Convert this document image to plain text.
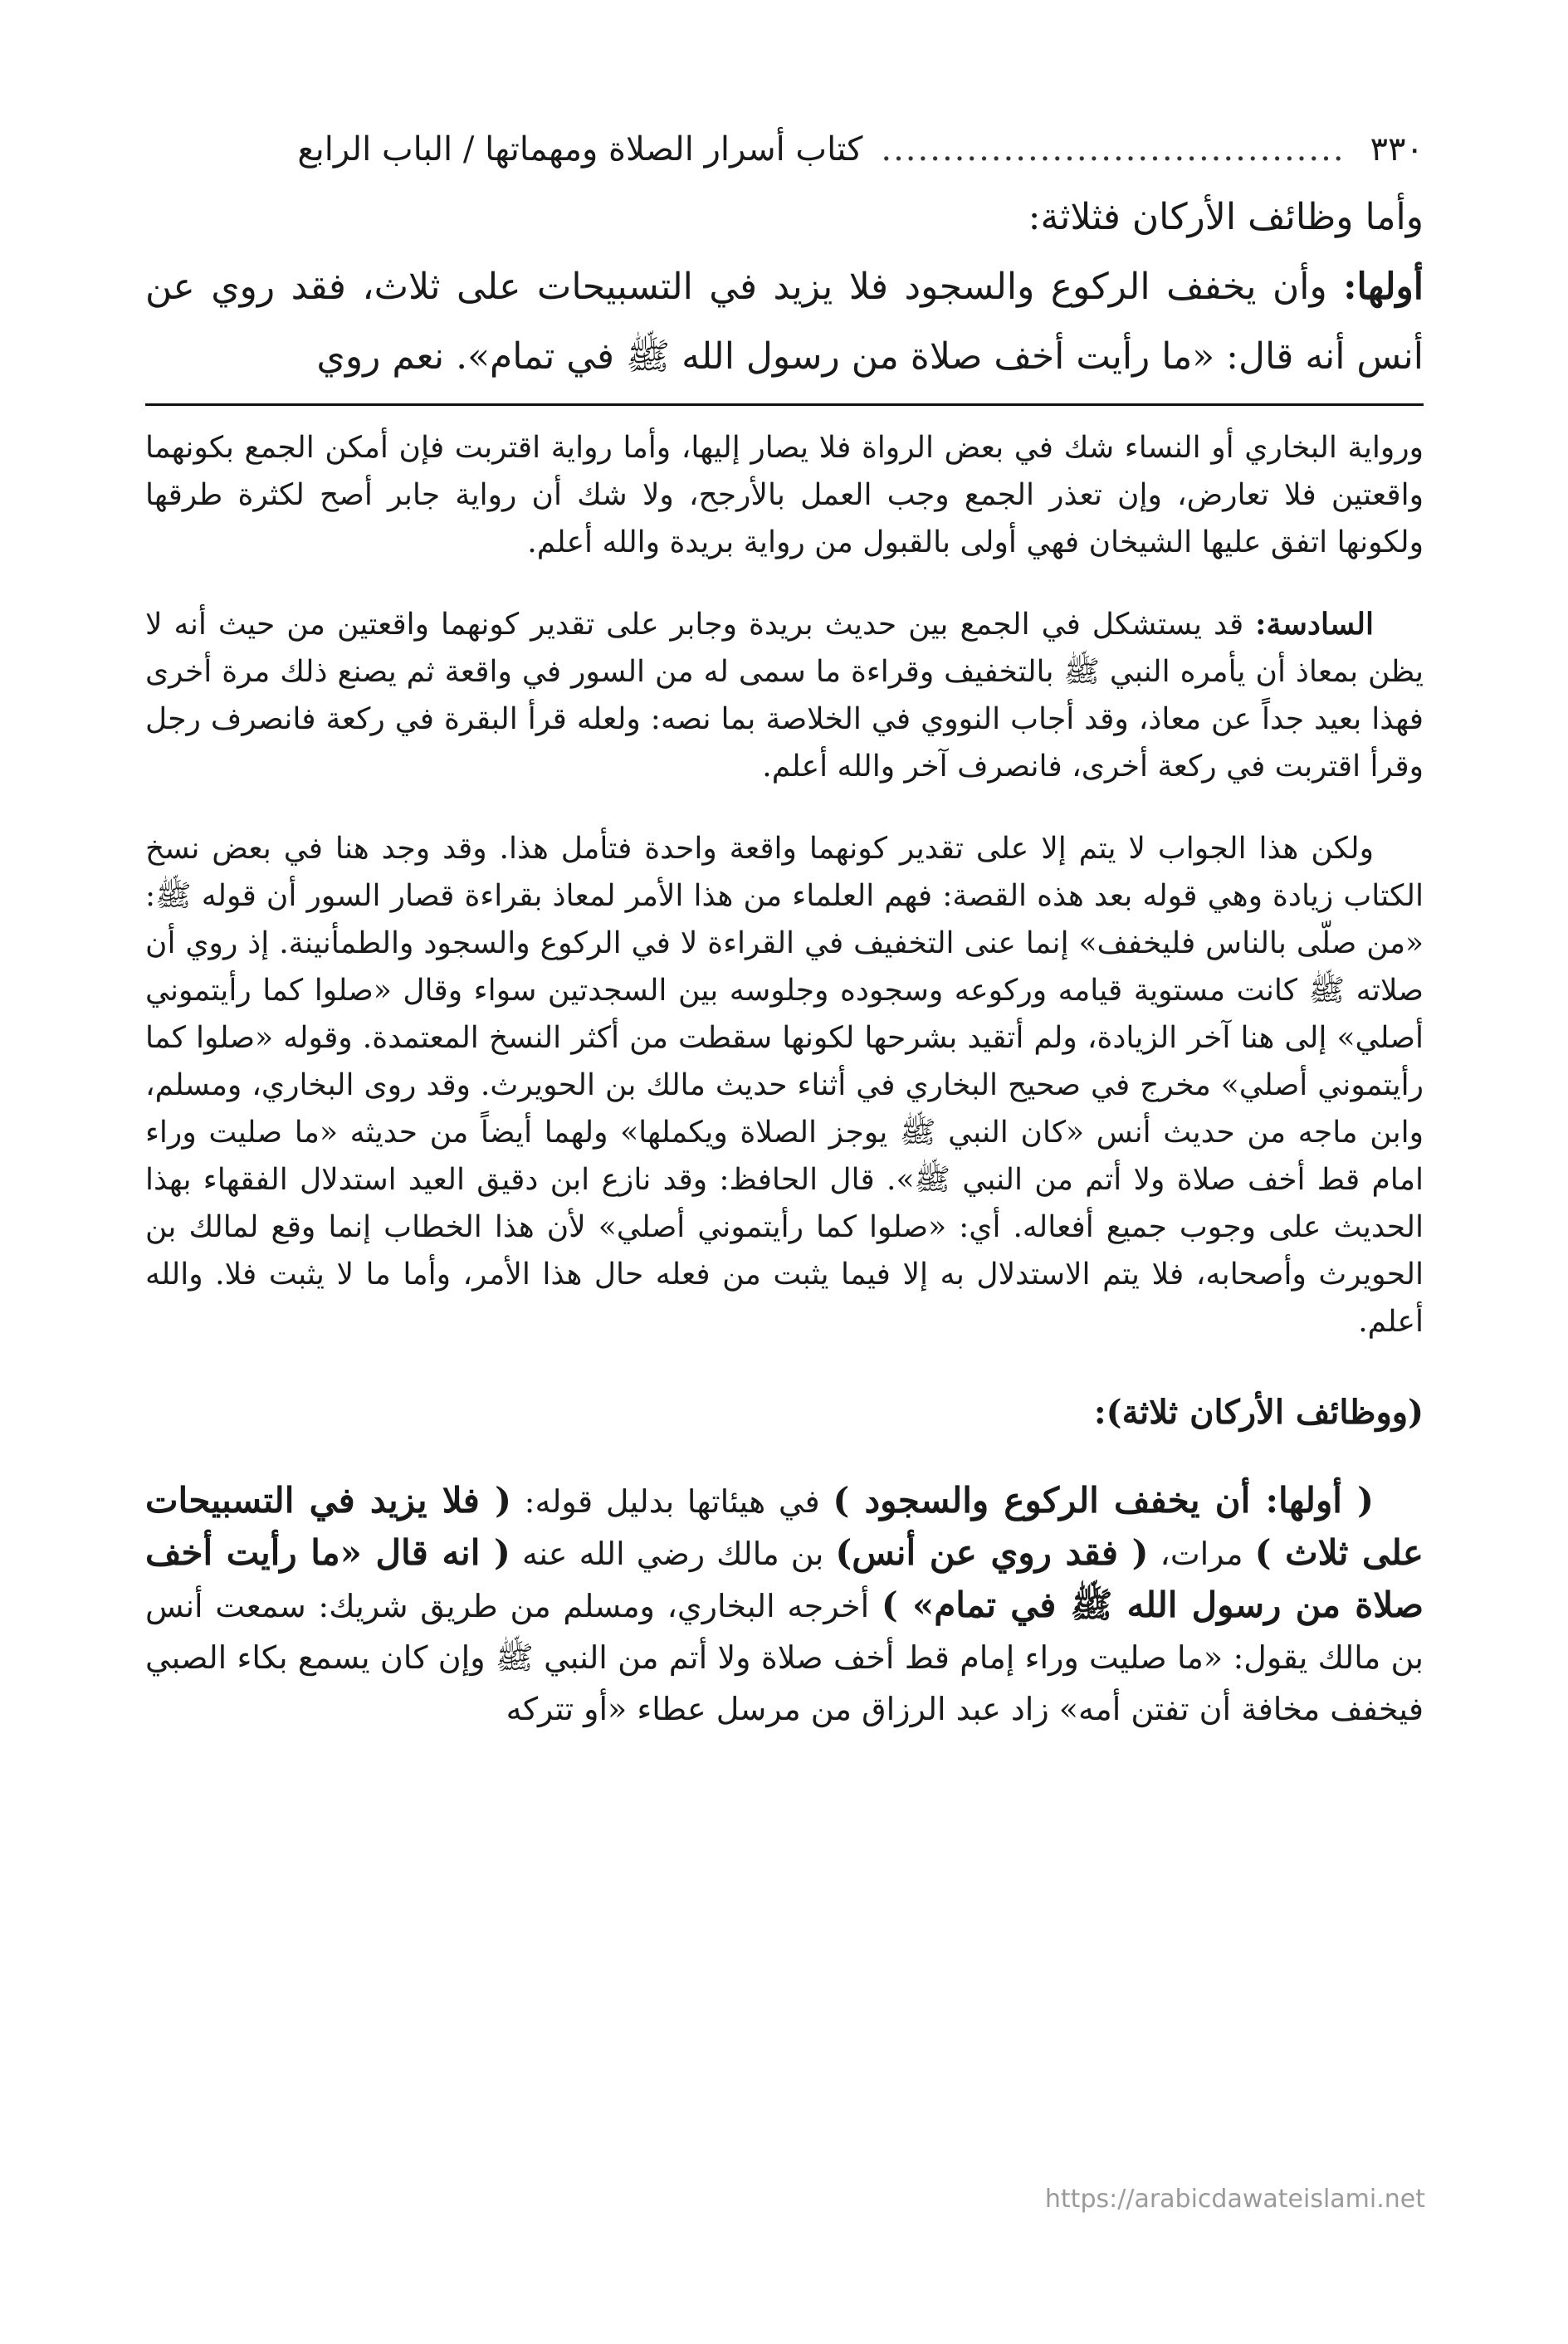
٣٣٠
......................................
كتاب أسرار الصلاة ومهماتها / الباب الرابع

وأما وظائف الأركان فثلاثة:

أولها: وأن يخفف الركوع والسجود فلا يزيد في التسبيحات على ثلاث، فقد روي عن أنس أنه قال: «ما رأيت أخف صلاة من رسول الله ﷺ في تمام». نعم روي

ورواية البخاري أو النساء شك في بعض الرواة فلا يصار إليها، وأما رواية اقتربت فإن أمكن الجمع بكونهما واقعتين فلا تعارض، وإن تعذر الجمع وجب العمل بالأرجح، ولا شك أن رواية جابر أصح لكثرة طرقها ولكونها اتفق عليها الشيخان فهي أولى بالقبول من رواية بريدة والله أعلم.

السادسة: قد يستشكل في الجمع بين حديث بريدة وجابر على تقدير كونهما واقعتين من حيث أنه لا يظن بمعاذ أن يأمره النبي ﷺ بالتخفيف وقراءة ما سمى له من السور في واقعة ثم يصنع ذلك مرة أخرى فهذا بعيد جداً عن معاذ، وقد أجاب النووي في الخلاصة بما نصه: ولعله قرأ البقرة في ركعة فانصرف رجل وقرأ اقتربت في ركعة أخرى، فانصرف آخر والله أعلم.

ولكن هذا الجواب لا يتم إلا على تقدير كونهما واقعة واحدة فتأمل هذا. وقد وجد هنا في بعض نسخ الكتاب زيادة وهي قوله بعد هذه القصة: فهم العلماء من هذا الأمر لمعاذ بقراءة قصار السور أن قوله ﷺ: «من صلّى بالناس فليخفف» إنما عنى التخفيف في القراءة لا في الركوع والسجود والطمأنينة. إذ روي أن صلاته ﷺ كانت مستوية قيامه وركوعه وسجوده وجلوسه بين السجدتين سواء وقال «صلوا كما رأيتموني أصلي» إلى هنا آخر الزيادة، ولم أتقيد بشرحها لكونها سقطت من أكثر النسخ المعتمدة. وقوله «صلوا كما رأيتموني أصلي» مخرج في صحيح البخاري في أثناء حديث مالك بن الحويرث. وقد روى البخاري، ومسلم، وابن ماجه من حديث أنس «كان النبي ﷺ يوجز الصلاة ويكملها» ولهما أيضاً من حديثه «ما صليت وراء امام قط أخف صلاة ولا أتم من النبي ﷺ». قال الحافظ: وقد نازع ابن دقيق العيد استدلال الفقهاء بهذا الحديث على وجوب جميع أفعاله. أي: «صلوا كما رأيتموني أصلي» لأن هذا الخطاب إنما وقع لمالك بن الحويرث وأصحابه، فلا يتم الاستدلال به إلا فيما يثبت من فعله حال هذا الأمر، وأما ما لا يثبت فلا. والله أعلم.

(ووظائف الأركان ثلاثة):

( أولها: أن يخفف الركوع والسجود ) في هيئاتها بدليل قوله: ( فلا يزيد في التسبيحات على ثلاث ) مرات، ( فقد روي عن أنس) بن مالك رضي الله عنه ( انه قال «ما رأيت أخف صلاة من رسول الله ﷺ في تمام» ) أخرجه البخاري، ومسلم من طريق شريك: سمعت أنس بن مالك يقول: «ما صليت وراء إمام قط أخف صلاة ولا أتم من النبي ﷺ وإن كان يسمع بكاء الصبي فيخفف مخافة أن تفتن أمه» زاد عبد الرزاق من مرسل عطاء «أو تتركه

https://arabicdawateislami.net
